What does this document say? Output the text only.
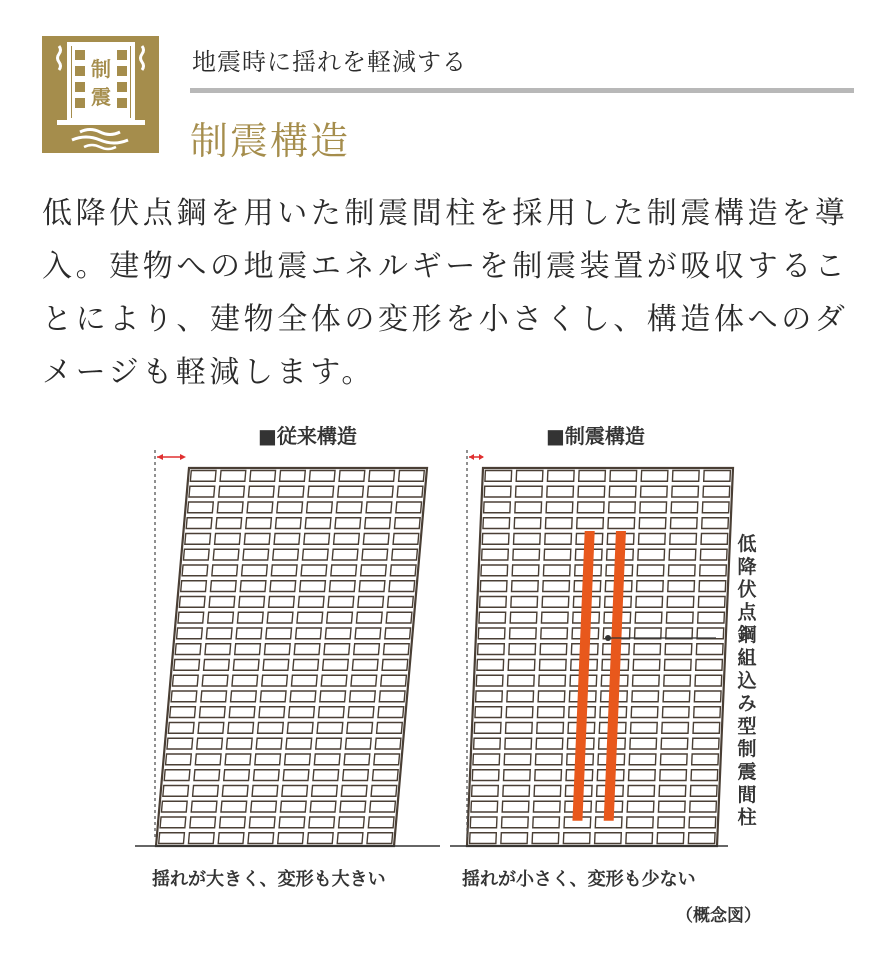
制
震
地震時に揺れを軽減する
制震構造
低降伏点鋼を用いた制震間柱を採用した制震構造を導入。建物への地震エネルギーを制震装置が吸収することにより、建物全体の変形を小さくし、構造体へのダメージも軽減します。
■従来構造	■制震構造
低
降
伏
点
鋼
組
込
み
型
制
震
間
柱
揺れが大きく、変形も大きい	揺れが小さく、変形も少ない
（概念図）
